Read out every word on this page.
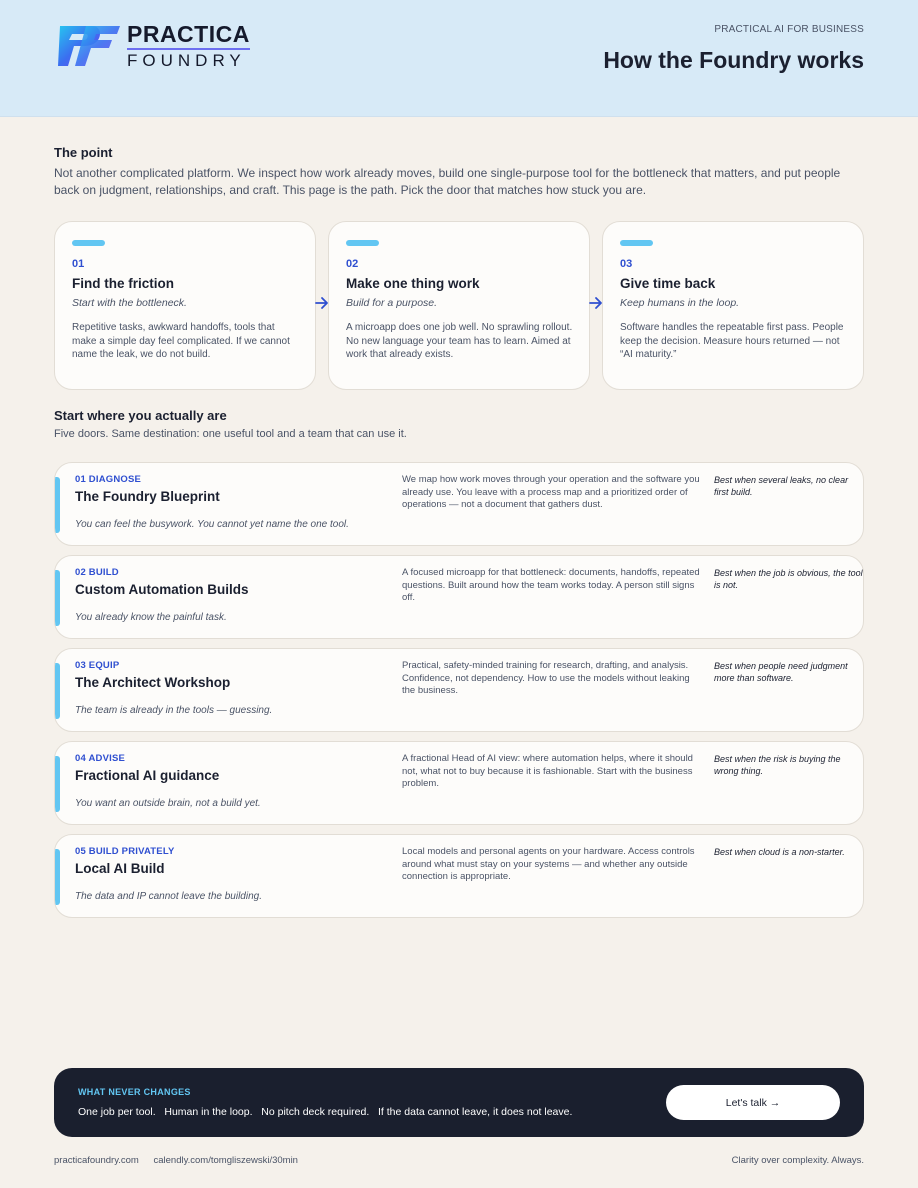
PRACTICA
FOUNDRY
PRACTICAL AI FOR BUSINESS
How the Foundry works
The point
Not another complicated platform. We inspect how work already moves, build one single-purpose tool for the bottleneck that matters, and put people back on judgment, relationships, and craft. This page is the path. Pick the door that matches how stuck you are.
01
Find the friction
Start with the bottleneck.
Repetitive tasks, awkward handoffs, tools that make a simple day feel complicated. If we cannot name the leak, we do not build.
02
Make one thing work
Build for a purpose.
A microapp does one job well. No sprawling rollout. No new language your team has to learn. Aimed at work that already exists.
03
Give time back
Keep humans in the loop.
Software handles the repeatable first pass. People keep the decision. Measure hours returned — not “AI maturity.”
Start where you actually are
Five doors. Same destination: one useful tool and a team that can use it.
01 DIAGNOSE
The Foundry Blueprint
You can feel the busywork. You cannot yet name the one tool.
We map how work moves through your operation and the software you already use. You leave with a process map and a prioritized order of operations — not a document that gathers dust.
Best when several leaks, no clear first build.
02 BUILD
Custom Automation Builds
You already know the painful task.
A focused microapp for that bottleneck: documents, handoffs, repeated questions. Built around how the team works today. A person still signs off.
Best when the job is obvious, the tool is not.
03 EQUIP
The Architect Workshop
The team is already in the tools — guessing.
Practical, safety-minded training for research, drafting, and analysis. Confidence, not dependency. How to use the models without leaking the business.
Best when people need judgment more than software.
04 ADVISE
Fractional AI guidance
You want an outside brain, not a build yet.
A fractional Head of AI view: where automation helps, where it should not, what not to buy because it is fashionable. Start with the business problem.
Best when the risk is buying the wrong thing.
05 BUILD PRIVATELY
Local AI Build
The data and IP cannot leave the building.
Local models and personal agents on your hardware. Access controls around what must stay on your systems — and whether any outside connection is appropriate.
Best when cloud is a non-starter.
WHAT NEVER CHANGES
One job per tool.   Human in the loop.   No pitch deck required.   If the data cannot leave, it does not leave.
Let's talk →
practicafoundry.com calendly.com/tomgliszewski/30min	Clarity over complexity. Always.
